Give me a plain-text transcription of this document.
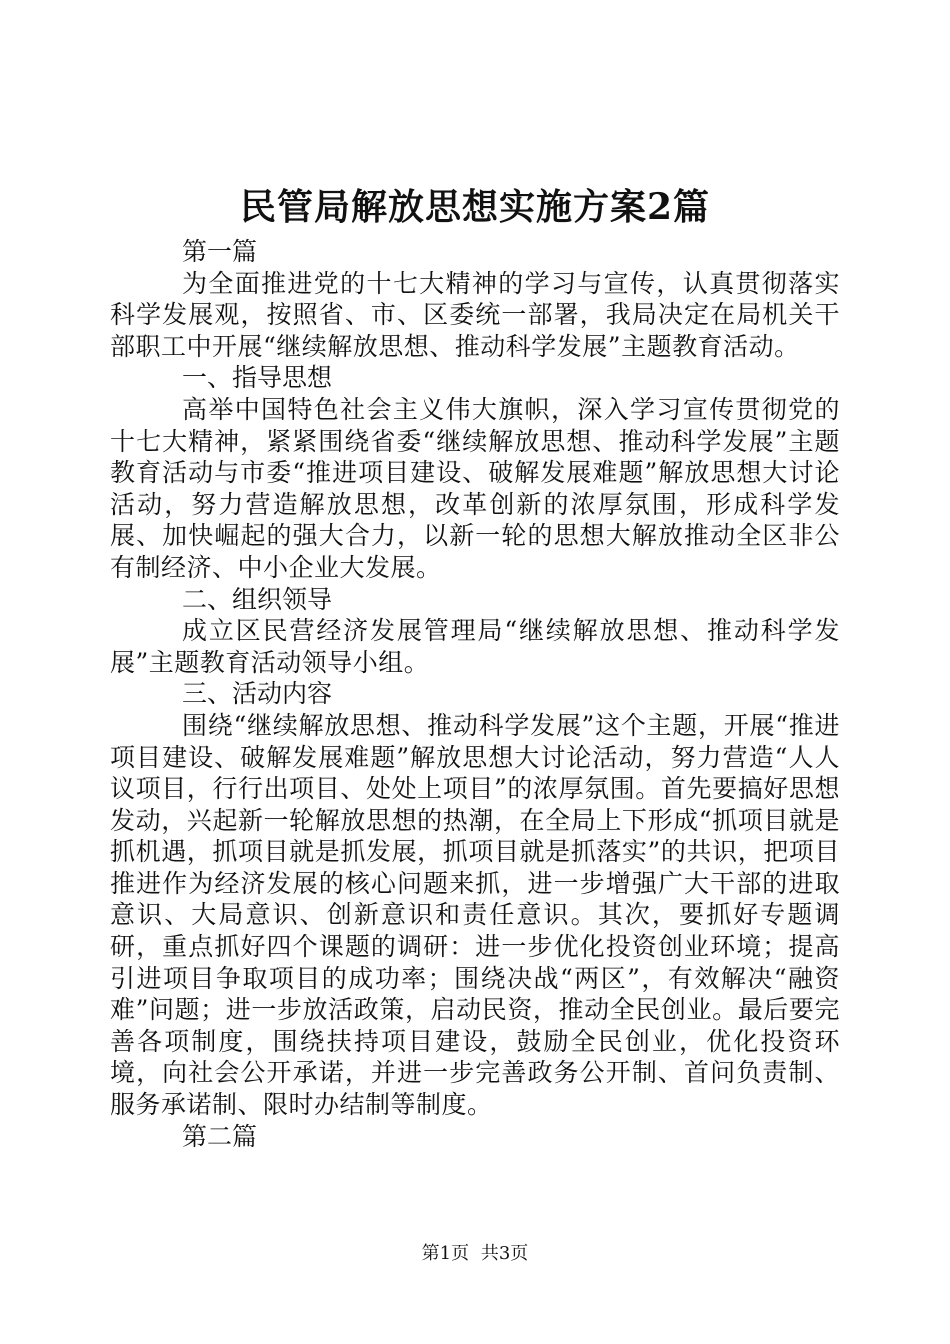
民管局解放思想实施方案2篇

第一篇

为全面推进党的十七大精神的学习与宣传，认真贯彻落实科学发展观，按照省、市、区委统一部署，我局决定在局机关干部职工中开展“继续解放思想、推动科学发展”主题教育活动。

一、指导思想

高举中国特色社会主义伟大旗帜，深入学习宣传贯彻党的十七大精神，紧紧围绕省委“继续解放思想、推动科学发展”主题教育活动与市委“推进项目建设、破解发展难题”解放思想大讨论活动，努力营造解放思想，改革创新的浓厚氛围，形成科学发展、加快崛起的强大合力，以新一轮的思想大解放推动全区非公有制经济、中小企业大发展。

二、组织领导

成立区民营经济发展管理局“继续解放思想、推动科学发展”主题教育活动领导小组。

三、活动内容

围绕“继续解放思想、推动科学发展”这个主题，开展“推进项目建设、破解发展难题”解放思想大讨论活动，努力营造“人人议项目，行行出项目、处处上项目”的浓厚氛围。首先要搞好思想发动，兴起新一轮解放思想的热潮，在全局上下形成“抓项目就是抓机遇，抓项目就是抓发展，抓项目就是抓落实”的共识，把项目推进作为经济发展的核心问题来抓，进一步增强广大干部的进取意识、大局意识、创新意识和责任意识。其次，要抓好专题调研，重点抓好四个课题的调研：进一步优化投资创业环境；提高引进项目争取项目的成功率；围绕决战“两区”，有效解决“融资难”问题；进一步放活政策，启动民资，推动全民创业。最后要完善各项制度，围绕扶持项目建设，鼓励全民创业，优化投资环境，向社会公开承诺，并进一步完善政务公开制、首问负责制、服务承诺制、限时办结制等制度。

第二篇

第1页 共3页
